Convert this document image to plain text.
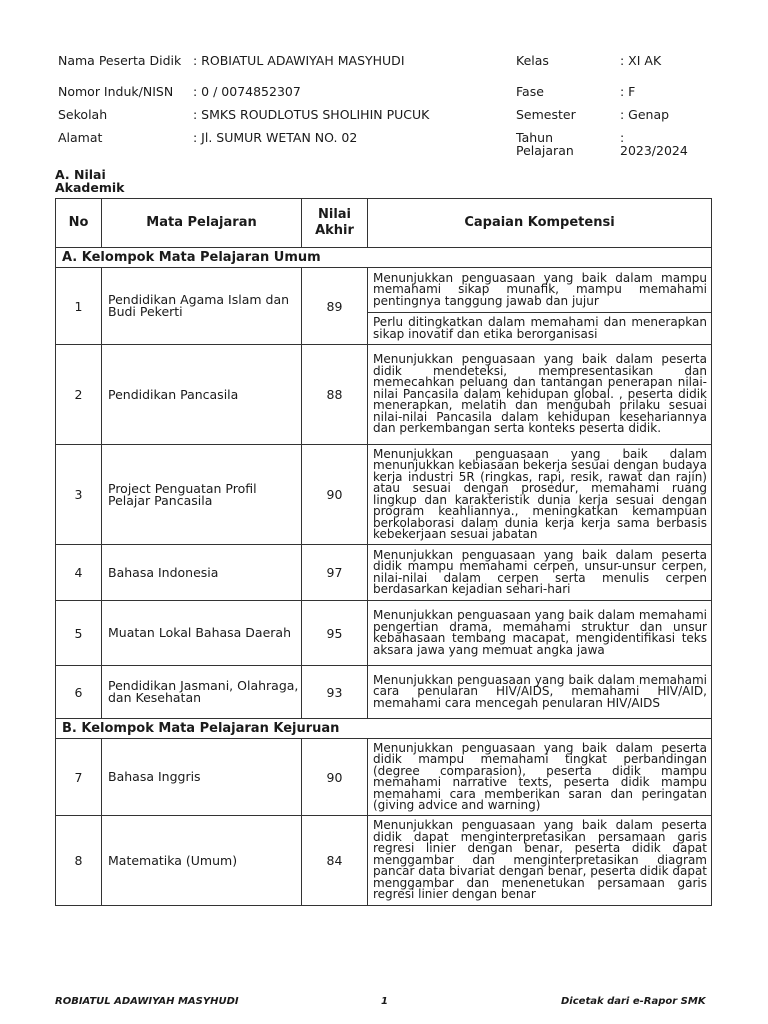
Nama Peserta Didik : ROBIATUL ADAWIYAH MASYHUDI	Kelas	: XI AK
Nomor Induk/NISN	: 0 / 0074852307	Fase	: F
Sekolah	: SMKS ROUDLOTUS SHOLIHIN PUCUK	Semester	: Genap
Alamat	: Jl. SUMUR WETAN NO. 02	Tahun Pelajaran
: 2023/2024
A. Nilai Akademik
No	Mata Pelajaran	Nilai Akhir	Capaian Kompetensi
A. Kelompok Mata Pelajaran Umum			
1	Pendidikan Agama Islam dan Budi Pekerti	89	Menunjukkan penguasaan yang baik dalam mampu memahami sikap munafik, mampu memahami pentingnya tanggung jawab dan jujur
			Perlu ditingkatkan dalam memahami dan menerapkan sikap inovatif dan etika berorganisasi
2	Pendidikan Pancasila	88	Menunjukkan penguasaan yang baik dalam peserta didik mendeteksi, mempresentasikan dan memecahkan peluang dan tantangan penerapan nilai-nilai Pancasila dalam kehidupan global. , peserta didik menerapkan, melatih dan mengubah prilaku sesuai nilai-nilai Pancasila dalam kehidupan kesehariannya dan perkembangan serta konteks peserta didik.
3	Project Penguatan Profil Pelajar Pancasila	90	Menunjukkan penguasaan yang baik dalam menunjukkan kebiasaan bekerja sesuai dengan budaya kerja industri 5R (ringkas, rapi, resik, rawat dan rajin) atau sesuai dengan prosedur, memahami ruang lingkup dan karakteristik dunia kerja sesuai dengan program keahliannya., meningkatkan kemampuan berkolaborasi dalam dunia kerja kerja sama berbasis kebekerjaan sesuai jabatan
4	Bahasa Indonesia	97	Menunjukkan penguasaan yang baik dalam peserta didik mampu memahami cerpen, unsur-unsur cerpen, nilai-nilai dalam cerpen serta menulis cerpen berdasarkan kejadian sehari-hari
5	Muatan Lokal Bahasa Daerah	95	Menunjukkan penguasaan yang baik dalam memahami pengertian drama, memahami struktur dan unsur kebahasaan tembang macapat, mengidentifikasi teks aksara jawa yang memuat angka jawa
6	Pendidikan Jasmani, Olahraga, dan Kesehatan	93	Menunjukkan penguasaan yang baik dalam memahami cara penularan HIV/AIDS, memahami HIV/AID, memahami cara mencegah penularan HIV/AIDS
B. Kelompok Mata Pelajaran Kejuruan			
7	Bahasa Inggris	90	Menunjukkan penguasaan yang baik dalam peserta didik mampu memahami tingkat perbandingan (degree comparasion), peserta didik mampu memahami narrative texts, peserta didik mampu memahami cara memberikan saran dan peringatan (giving advice and warning)
8	Matematika (Umum)	84	Menunjukkan penguasaan yang baik dalam peserta didik dapat menginterpretasikan persamaan garis regresi linier dengan benar, peserta didik dapat menggambar dan menginterpretasikan diagram pancar data bivariat dengan benar, peserta didik dapat menggambar dan menenetukan persamaan garis regresi linier dengan benar
ROBIATUL ADAWIYAH MASYHUDI	1	Dicetak dari e-Rapor SMK
